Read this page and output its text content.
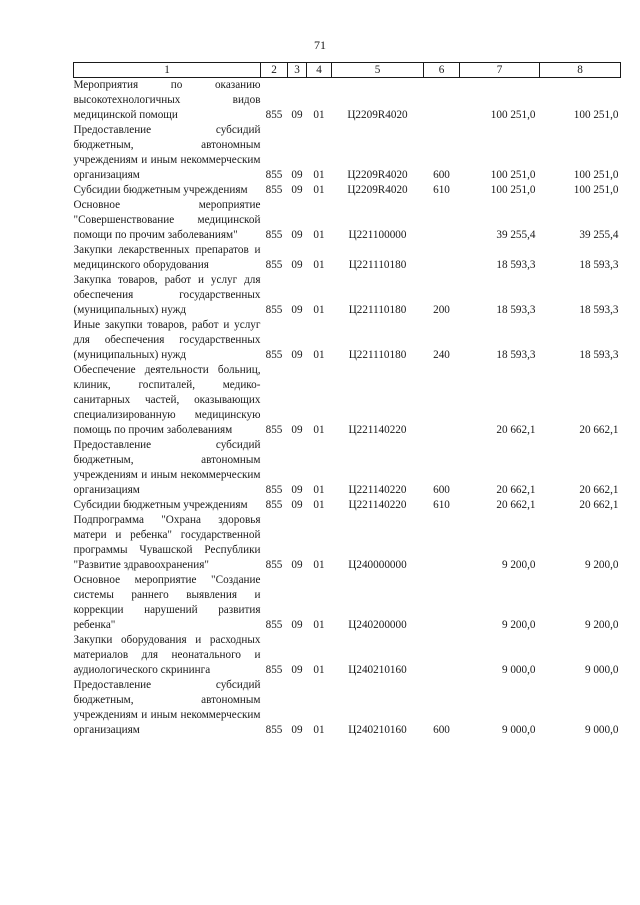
71
1	2	3	4	5	6	7	8
Мероприятия по оказанию высокотехнологичных видов медицинской помощи	855	09	01	Ц2209R4020		100 251,0	100 251,0
Предоставление субсидий бюджетным, автономным учреждениям и иным некоммерческим организациям	855	09	01	Ц2209R4020	600	100 251,0	100 251,0
Субсидии бюджетным учреждениям	855	09	01	Ц2209R4020	610	100 251,0	100 251,0
Основное мероприятие "Совершенствование медицинской помощи по прочим заболеваниям"	855	09	01	Ц221100000		39 255,4	39 255,4
Закупки лекарственных препаратов и медицинского оборудования	855	09	01	Ц221110180		18 593,3	18 593,3
Закупка товаров, работ и услуг для обеспечения государственных (муниципальных) нужд	855	09	01	Ц221110180	200	18 593,3	18 593,3
Иные закупки товаров, работ и услуг для обеспечения государственных (муниципальных) нужд	855	09	01	Ц221110180	240	18 593,3	18 593,3
Обеспечение деятельности больниц, клиник, госпиталей, медико-санитарных частей, оказывающих специализированную медицинскую помощь по прочим заболеваниям	855	09	01	Ц221140220		20 662,1	20 662,1
Предоставление субсидий бюджетным, автономным учреждениям и иным некоммерческим организациям	855	09	01	Ц221140220	600	20 662,1	20 662,1
Субсидии бюджетным учреждениям	855	09	01	Ц221140220	610	20 662,1	20 662,1
Подпрограмма "Охрана здоровья матери и ребенка" государственной программы Чувашской Республики "Развитие здравоохранения"	855	09	01	Ц240000000		9 200,0	9 200,0
Основное мероприятие "Создание системы раннего выявления и коррекции нарушений развития ребенка"	855	09	01	Ц240200000		9 200,0	9 200,0
Закупки оборудования и расходных материалов для неонатального и аудиологического скрининга	855	09	01	Ц240210160		9 000,0	9 000,0
Предоставление субсидий бюджетным, автономным учреждениям и иным некоммерческим организациям	855	09	01	Ц240210160	600	9 000,0	9 000,0
